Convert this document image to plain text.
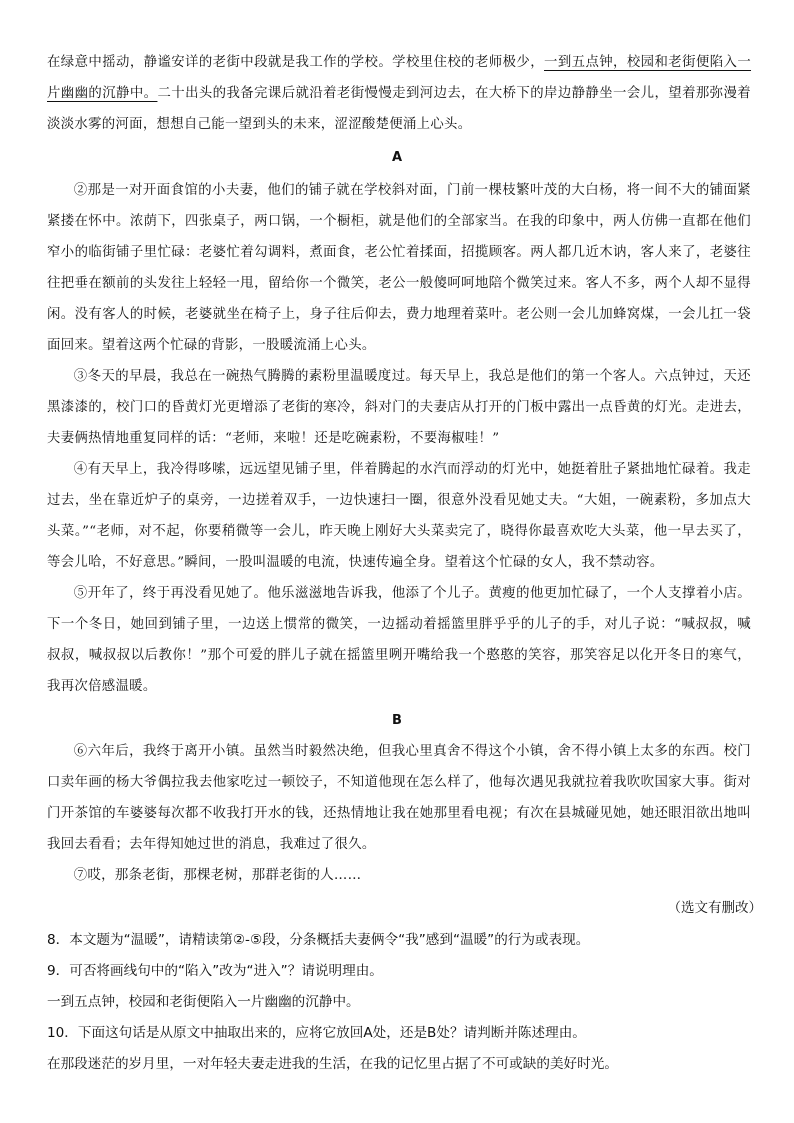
在绿意中摇动，静谧安详的老街中段就是我工作的学校。学校里住校的老师极少，一到五点钟，校园和老街便陷入一片幽幽的沉静中。二十出头的我备完课后就沿着老街慢慢走到河边去，在大桥下的岸边静静坐一会儿，望着那弥漫着淡淡水雾的河面，想想自己能一望到头的未来，涩涩酸楚便涌上心头。

A

②那是一对开面食馆的小夫妻，他们的铺子就在学校斜对面，门前一棵枝繁叶茂的大白杨，将一间不大的铺面紧紧搂在怀中。浓荫下，四张桌子，两口锅，一个橱柜，就是他们的全部家当。在我的印象中，两人仿佛一直都在他们窄小的临街铺子里忙碌：老婆忙着勾调料，煮面食，老公忙着揉面，招揽顾客。两人都几近木讷，客人来了，老婆往往把垂在额前的头发往上轻轻一甩，留给你一个微笑，老公一般傻呵呵地陪个微笑过来。客人不多，两个人却不显得闲。没有客人的时候，老婆就坐在椅子上，身子往后仰去，费力地理着菜叶。老公则一会儿加蜂窝煤，一会儿扛一袋面回来。望着这两个忙碌的背影，一股暖流涌上心头。

③冬天的早晨，我总在一碗热气腾腾的素粉里温暖度过。每天早上，我总是他们的第一个客人。六点钟过，天还黑漆漆的，校门口的昏黄灯光更增添了老街的寒冷，斜对门的夫妻店从打开的门板中露出一点昏黄的灯光。走进去，夫妻俩热情地重复同样的话：“老师，来啦！还是吃碗素粉，不要海椒哇！”

④有天早上，我冷得哆嗦，远远望见铺子里，伴着腾起的水汽而浮动的灯光中，她挺着肚子紧拙地忙碌着。我走过去，坐在靠近炉子的桌旁，一边搓着双手，一边快速扫一圈，很意外没看见她丈夫。“大姐，一碗素粉，多加点大头菜。”“老师，对不起，你要稍微等一会儿，昨天晚上刚好大头菜卖完了，晓得你最喜欢吃大头菜，他一早去买了，等会儿哈，不好意思。”瞬间，一股叫温暖的电流，快速传遍全身。望着这个忙碌的女人，我不禁动容。

⑤开年了，终于再没看见她了。他乐滋滋地告诉我，他添了个儿子。黄瘦的他更加忙碌了，一个人支撑着小店。下一个冬日，她回到铺子里，一边送上惯常的微笑，一边摇动着摇篮里胖乎乎的儿子的手，对儿子说：“喊叔叔，喊叔叔，喊叔叔以后教你！”那个可爱的胖儿子就在摇篮里咧开嘴给我一个憨憨的笑容，那笑容足以化开冬日的寒气，我再次倍感温暖。

B

⑥六年后，我终于离开小镇。虽然当时毅然决绝，但我心里真舍不得这个小镇，舍不得小镇上太多的东西。校门口卖年画的杨大爷偶拉我去他家吃过一顿饺子，不知道他现在怎么样了，他每次遇见我就拉着我吹吹国家大事。街对门开茶馆的车婆婆每次都不收我打开水的钱，还热情地让我在她那里看电视；有次在县城碰见她，她还眼泪欲出地叫我回去看看；去年得知她过世的消息，我难过了很久。

⑦哎，那条老街，那棵老树，那群老街的人……

（选文有删改）

8．本文题为“温暖”，请精读第②-⑤段，分条概括夫妻俩令“我”感到“温暖”的行为或表现。

9．可否将画线句中的“陷入”改为“进入”？请说明理由。

一到五点钟，校园和老街便陷入一片幽幽的沉静中。

10．下面这句话是从原文中抽取出来的，应将它放回A处，还是B处？请判断并陈述理由。

在那段迷茫的岁月里，一对年轻夫妻走进我的生活，在我的记忆里占据了不可或缺的美好时光。
